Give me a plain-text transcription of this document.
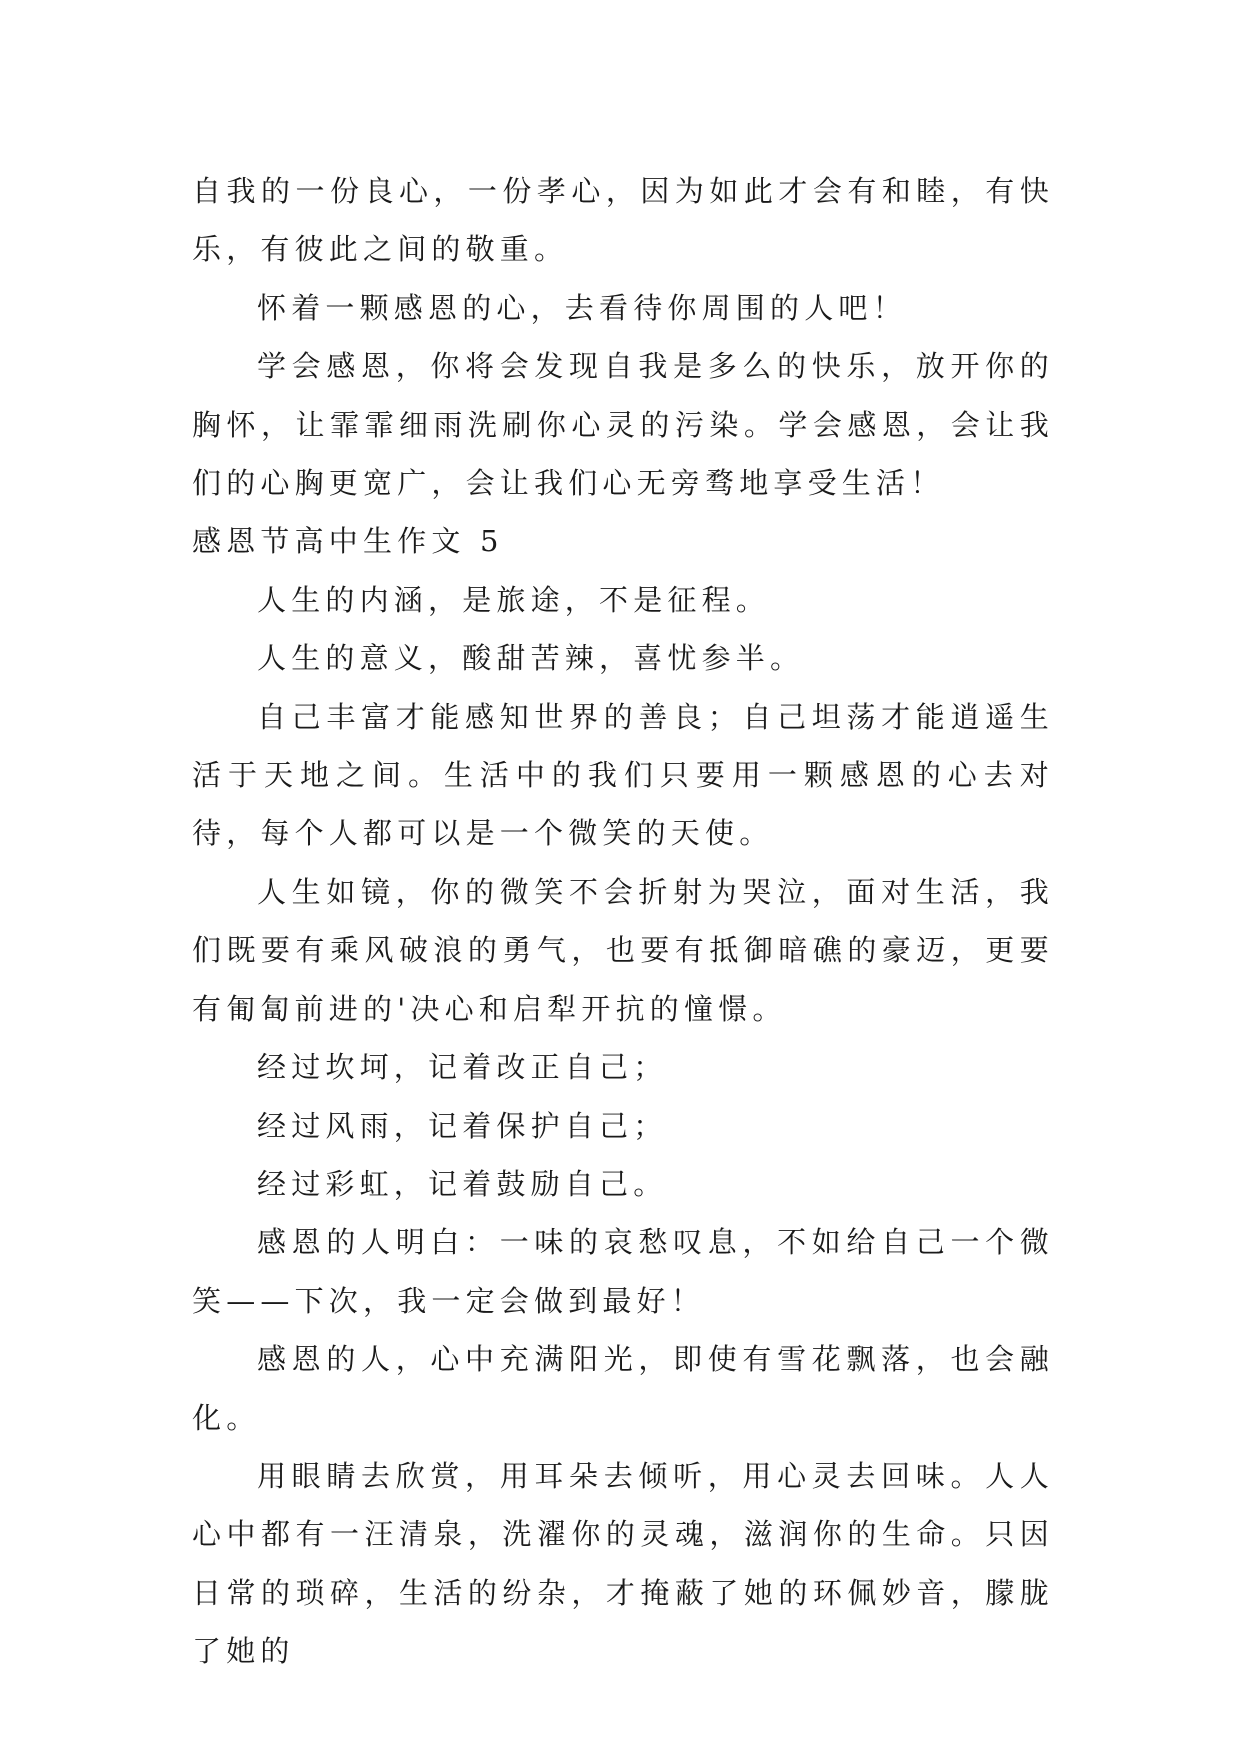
自我的一份良心，一份孝心，因为如此才会有和睦，有快乐，有彼此之间的敬重。

怀着一颗感恩的心，去看待你周围的人吧！

学会感恩，你将会发现自我是多么的快乐，放开你的胸怀，让霏霏细雨洗刷你心灵的污染。学会感恩，会让我们的心胸更宽广，会让我们心无旁骛地享受生活！

感恩节高中生作文 5

人生的内涵，是旅途，不是征程。

人生的意义，酸甜苦辣，喜忧参半。

自己丰富才能感知世界的善良；自己坦荡才能逍遥生活于天地之间。生活中的我们只要用一颗感恩的心去对待，每个人都可以是一个微笑的天使。

人生如镜，你的微笑不会折射为哭泣，面对生活，我们既要有乘风破浪的勇气，也要有抵御暗礁的豪迈，更要有匍匐前进的'决心和启犁开抗的憧憬。

经过坎坷，记着改正自己；

经过风雨，记着保护自己；

经过彩虹，记着鼓励自己。

感恩的人明白：一味的哀愁叹息，不如给自己一个微笑——下次，我一定会做到最好！

感恩的人，心中充满阳光，即使有雪花飘落，也会融化。

用眼睛去欣赏，用耳朵去倾听，用心灵去回味。人人心中都有一汪清泉，洗濯你的灵魂，滋润你的生命。只因日常的琐碎，生活的纷杂，才掩蔽了她的环佩妙音，朦胧了她的
